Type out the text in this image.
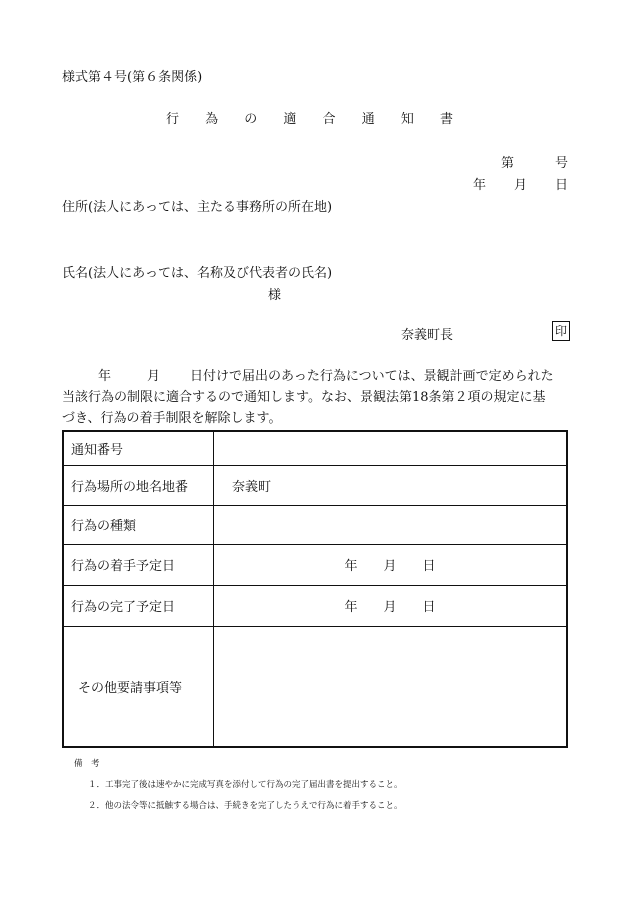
様式第４号(第６条関係)
行 為 の 適 合 通 知 書
第	号
年 月 日
住所(法人にあっては、主たる事務所の所在地)
氏名(法人にあっては、名称及び代表者の氏名)
様
奈義町長	印
年	月 日付けで届出のあった行為については、景観計画で定められた
当該行為の制限に適合するので通知します。なお、景観法第18条第２項の規定に基
づき、行為の着手制限を解除します。
通知番号	
行為場所の地名地番	奈義町
行為の種類	
行為の着手予定日	年 月 日

行為の完了予定日	年 月 日

その他要請事項等	
備　考
１．工事完了後は速やかに完成写真を添付して行為の完了届出書を提出すること。
２．他の法令等に抵触する場合は、手続きを完了したうえで行為に着手すること。
